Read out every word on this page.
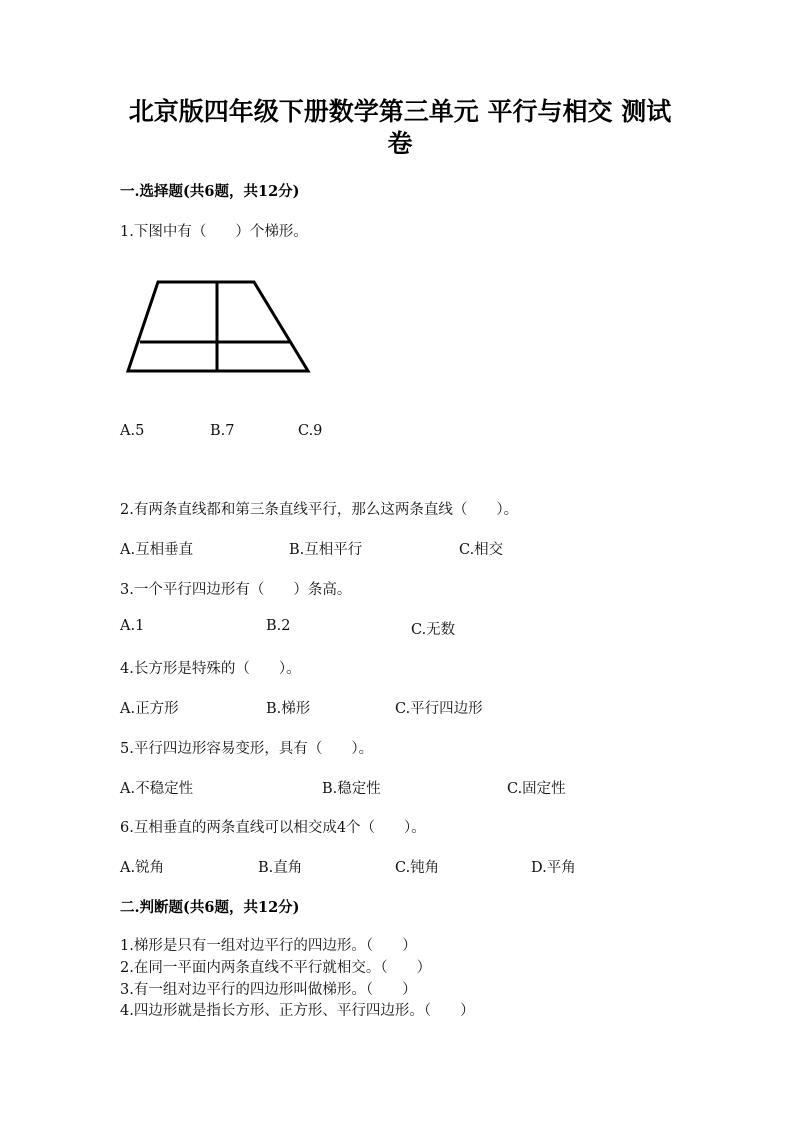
北京版四年级下册数学第三单元 平行与相交 测试
卷
一.选择题(共6题，共12分)
1.下图中有（　　）个梯形。
A.5	B.7	C.9
2.有两条直线都和第三条直线平行，那么这两条直线（　　）。
A.互相垂直	B.互相平行	C.相交
3.一个平行四边形有（　　）条高。
A.1	B.2	C.无数
4.长方形是特殊的（　　）。
A.正方形	B.梯形	C.平行四边形
5.平行四边形容易变形，具有（　　）。
A.不稳定性	B.稳定性	C.固定性
6.互相垂直的两条直线可以相交成4个（　　）。
A.锐角	B.直角	C.钝角	D.平角
二.判断题(共6题，共12分)
1.梯形是只有一组对边平行的四边形。（　　）
2.在同一平面内两条直线不平行就相交。（　　）
3.有一组对边平行的四边形叫做梯形。（　　）
4.四边形就是指长方形、正方形、平行四边形。（　　）
